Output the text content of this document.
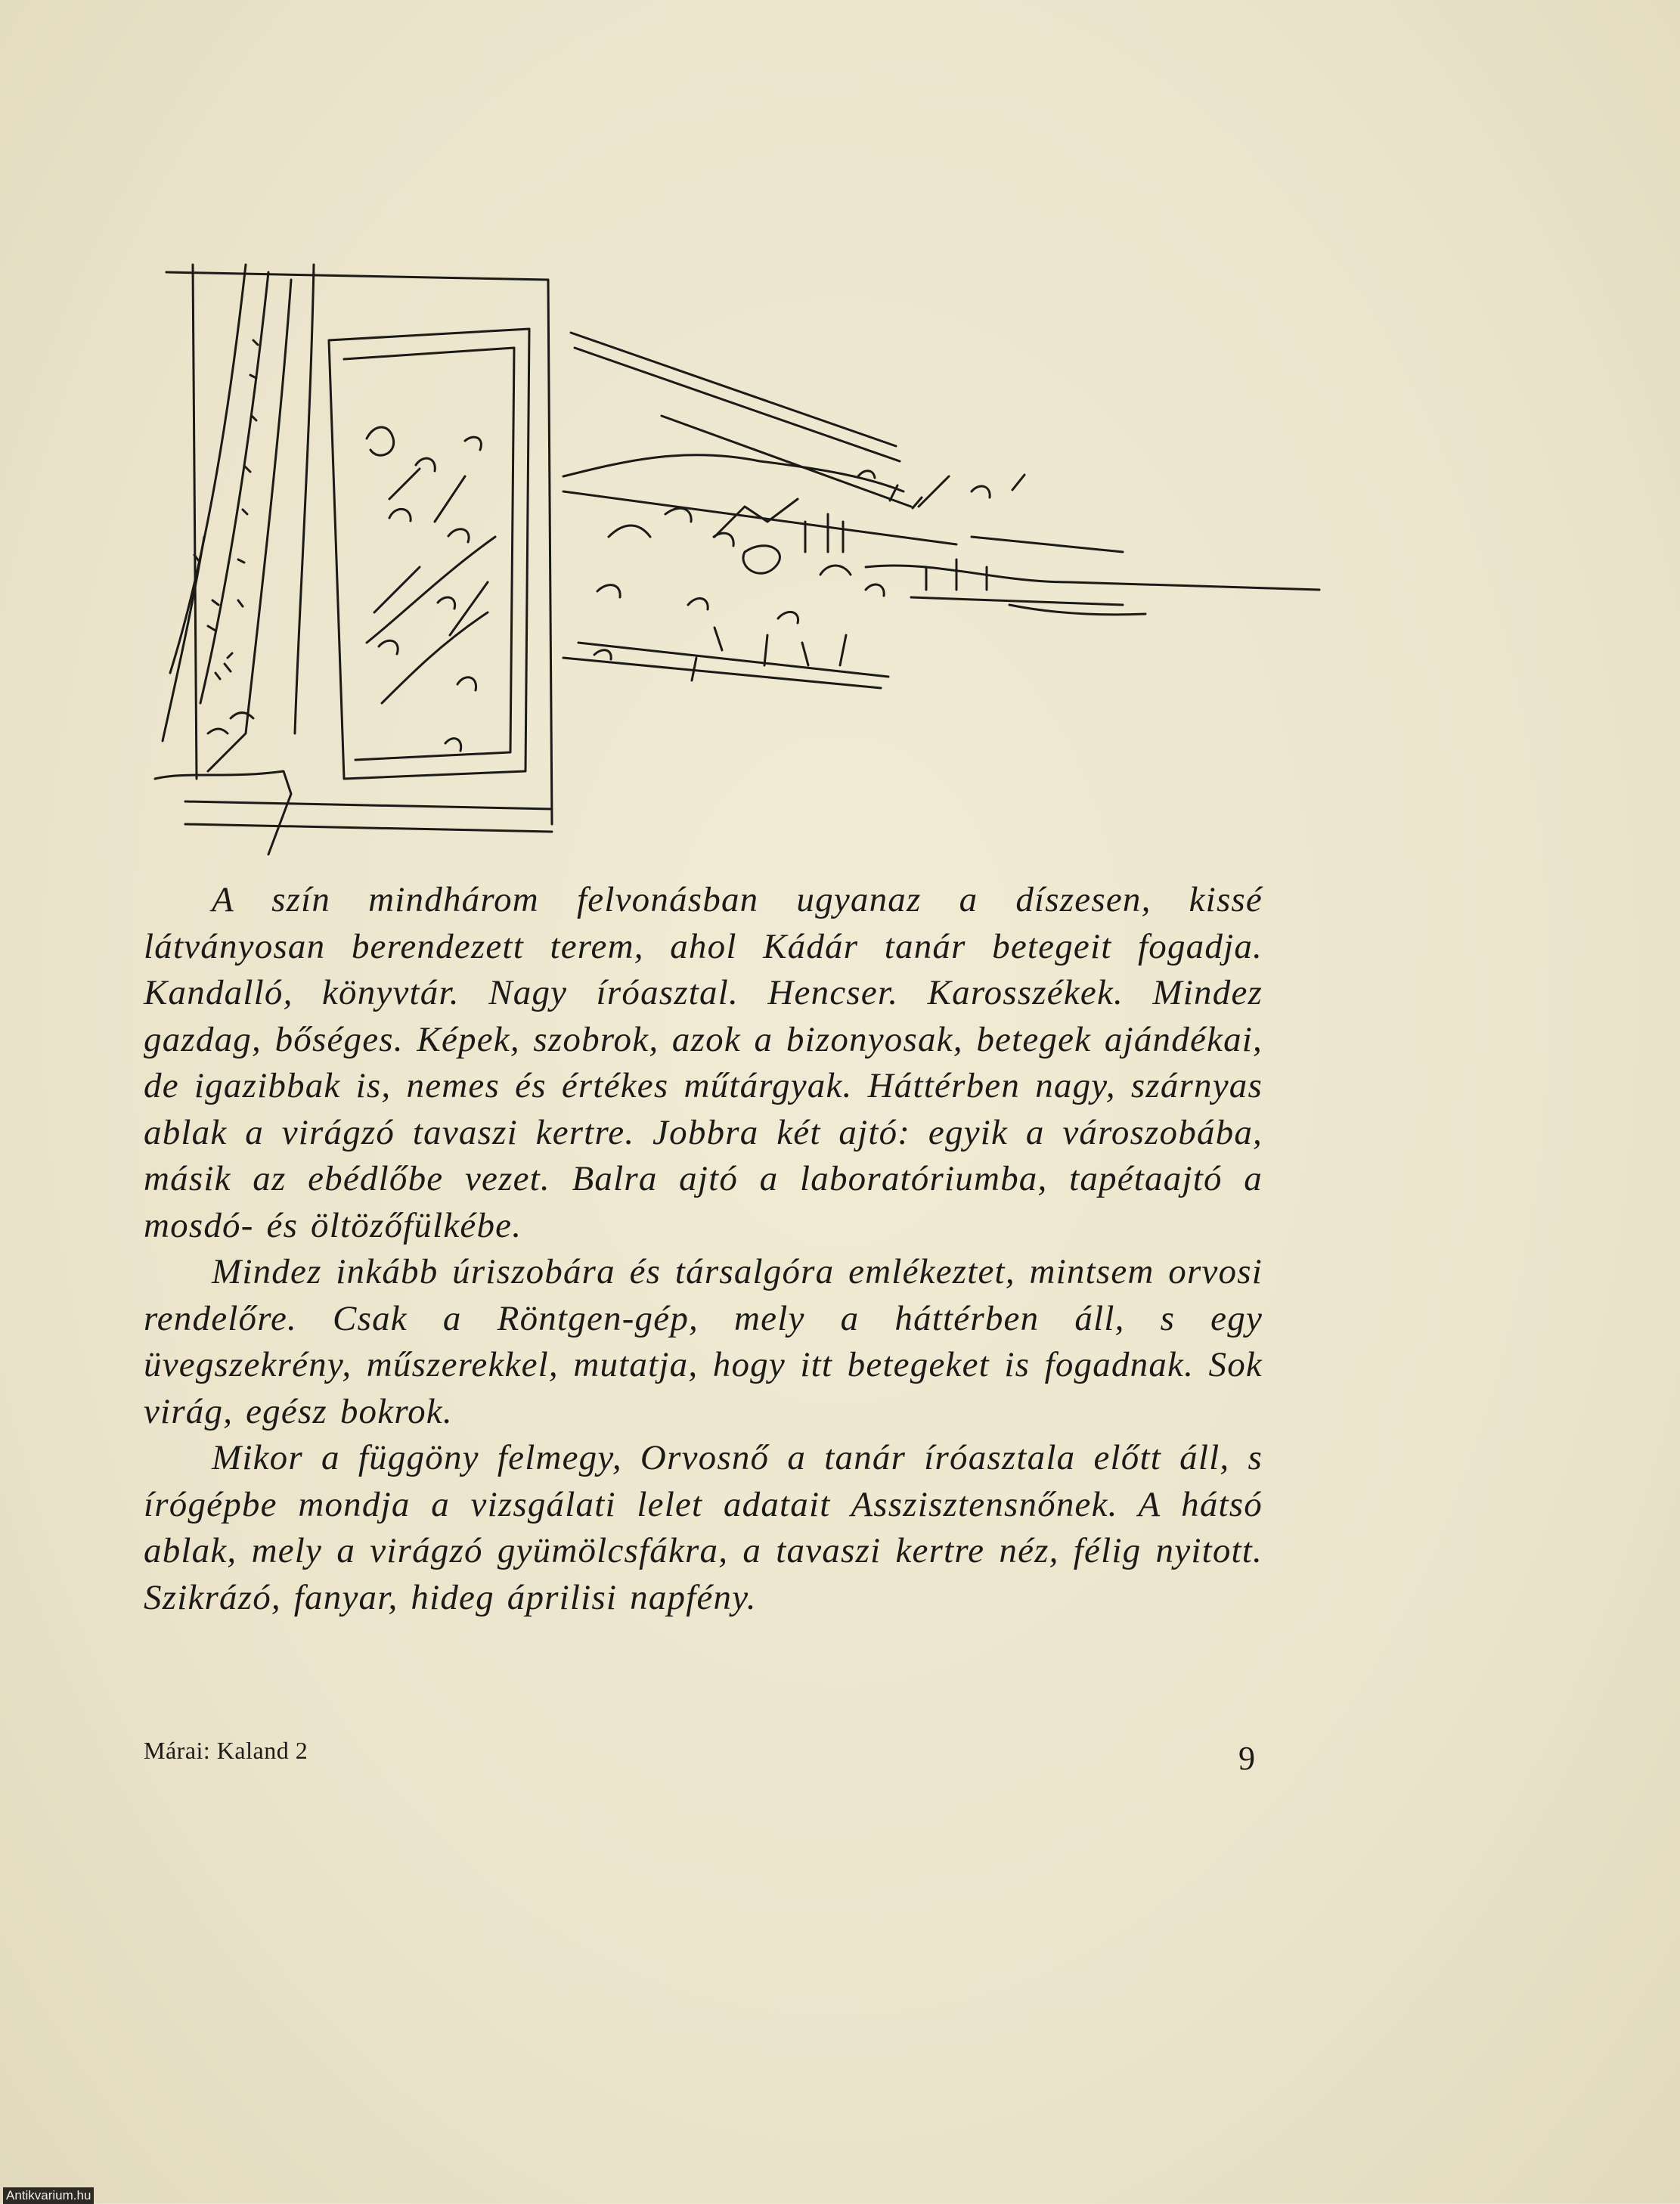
A szín mindhárom felvonásban ugyanaz a díszesen, kissé látványosan berendezett terem, ahol Kádár tanár betegeit fogadja. Kandalló, könyvtár. Nagy íróasztal. Hencser. Karosszékek. Mindez gazdag, bőséges. Képek, szobrok, azok a bizonyosak, betegek ajándékai, de igazibbak is, nemes és értékes műtárgyak. Háttérben nagy, szárnyas ablak a virágzó tavaszi kertre. Jobbra két ajtó: egyik a városzobába, másik az ebédlőbe vezet. Balra ajtó a laboratóriumba, tapétaajtó a mosdó- és öltözőfülkébe.

Mindez inkább úriszobára és társalgóra emlékeztet, mintsem orvosi rendelőre. Csak a Röntgen-gép, mely a háttérben áll, s egy üvegszekrény, műszerekkel, mutatja, hogy itt betegeket is fogadnak. Sok virág, egész bokrok.

Mikor a függöny felmegy, Orvosnő a tanár íróasztala előtt áll, s írógépbe mondja a vizsgálati lelet adatait Asszisztensnőnek. A hátsó ablak, mely a virágzó gyümölcsfákra, a tavaszi kertre néz, félig nyitott. Szikrázó, fanyar, hideg áprilisi napfény.

Márai: Kaland 2	9
Antikvarium.hu
